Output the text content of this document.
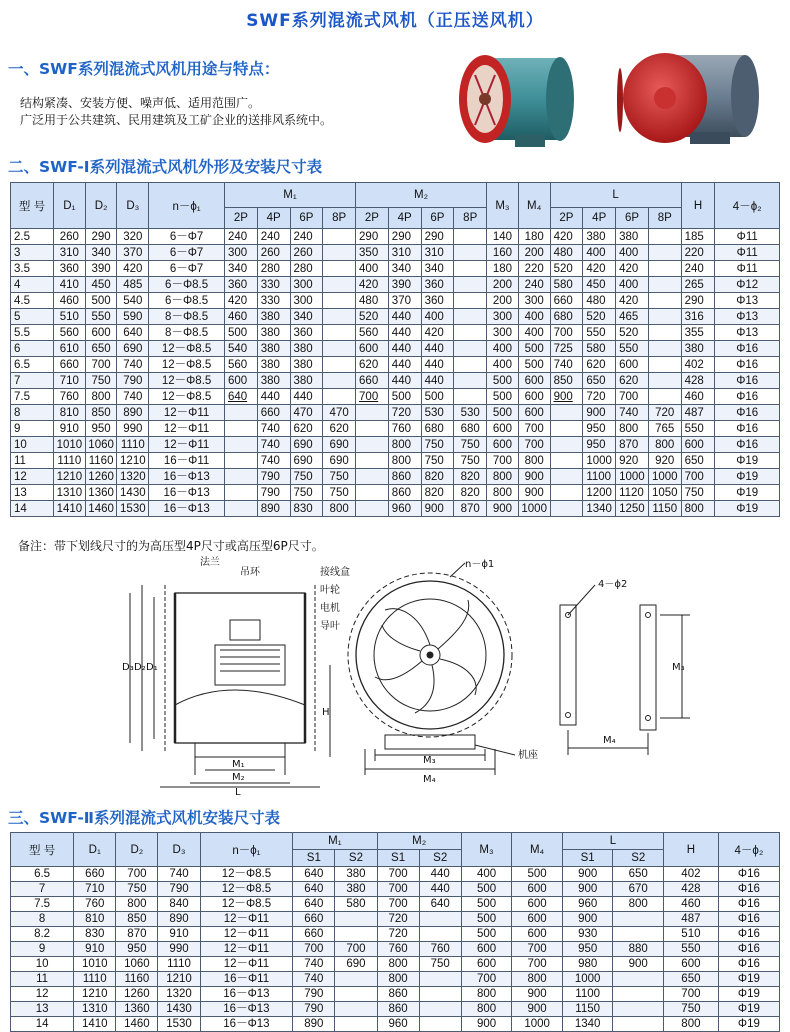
SWF系列混流式风机（正压送风机）
一、SWF系列混流式风机用途与特点：
结构紧凑、安装方便、噪声低、适用范围广。
广泛用于公共建筑、民用建筑及工矿企业的送排风系统中。
二、SWF-Ⅰ系列混流式风机外形及安装尺寸表
型 号	D₁	D₂	D₃	n－ϕ₁	M₁				M₂				M₃	M₄	L				H	4－ϕ₂
					2P	4P	6P	8P	2P	4P	6P	8P			2P	4P	6P	8P		
2.5	260	290	320	6－Φ7	240	240	240		290	290	290		140	180	420	380	380		185	Φ11
3	310	340	370	6－Φ7	300	260	260		350	310	310		160	200	480	400	400		220	Φ11
3.5	360	390	420	6－Φ7	340	280	280		400	340	340		180	220	520	420	420		240	Φ11
4	410	450	485	6－Φ8.5	360	330	300		420	390	360		200	240	580	450	400		265	Φ12
4.5	460	500	540	6－Φ8.5	420	330	300		480	370	360		200	300	660	480	420		290	Φ13
5	510	550	590	8－Φ8.5	460	380	340		520	440	400		300	400	680	520	465		316	Φ13
5.5	560	600	640	8－Φ8.5	500	380	360		560	440	420		300	400	700	550	520		355	Φ13
6	610	650	690	12－Φ8.5	540	380	380		600	440	440		400	500	725	580	550		380	Φ16
6.5	660	700	740	12－Φ8.5	560	380	380		620	440	440		400	500	740	620	600		402	Φ16
7	710	750	790	12－Φ8.5	600	380	380		660	440	440		500	600	850	650	620		428	Φ16
7.5	760	800	740	12－Φ8.5	640	440	440		700	500	500		500	600	900	720	700		460	Φ16
8	810	850	890	12－Φ11		660	470	470		720	530	530	500	600		900	740	720	487	Φ16
9	910	950	990	12－Φ11		740	620	620		760	680	680	600	700		950	800	765	550	Φ16
10	1010	1060	1110	12－Φ11		740	690	690		800	750	750	600	700		950	870	800	600	Φ16
11	1110	1160	1210	16－Φ11		740	690	690		800	750	750	700	800		1000	920	920	650	Φ19
12	1210	1260	1320	16－Φ13		790	750	750		860	820	820	800	900		1100	1000	1000	700	Φ19
13	1310	1360	1430	16－Φ13		790	750	750		860	820	820	800	900		1200	1120	1050	750	Φ19
14	1410	1460	1530	16－Φ13		890	830	800		960	900	870	900	1000		1340	1250	1150	800	Φ19
备注：带下划线尺寸的为高压型4P尺寸或高压型6P尺寸。
法兰
吊环	接线盒
叶轮
电机
导叶
D₃ D₂ D₁
H
M₁
M₂
L
n－ϕ1
机座
M₃
M₄
4－ϕ2
M₃
M₄
三、SWF-Ⅱ系列混流式风机安装尺寸表
型 号	D₁	D₂	D₃	n－ϕ₁	M₁		M₂		M₃	M₄	L		H	4－ϕ₂
					S1	S2	S1	S2			S1	S2		
6.5	660	700	740	12－Φ8.5	640	380	700	440	400	500	900	650	402	Φ16
7	710	750	790	12－Φ8.5	640	380	700	440	500	600	900	670	428	Φ16
7.5	760	800	840	12－Φ8.5	640	580	700	640	500	600	960	800	460	Φ16
8	810	850	890	12－Φ11	660		720		500	600	900		487	Φ16
8.2	830	870	910	12－Φ11	660		720		500	600	930		510	Φ16
9	910	950	990	12－Φ11	700	700	760	760	600	700	950	880	550	Φ16
10	1010	1060	1110	12－Φ11	740	690	800	750	600	700	980	900	600	Φ16
11	1110	1160	1210	16－Φ11	740		800		700	800	1000		650	Φ19
12	1210	1260	1320	16－Φ13	790		860		800	900	1100		700	Φ19
13	1310	1360	1430	16－Φ13	790		860		800	900	1150		750	Φ19
14	1410	1460	1530	16－Φ13	890		960		900	1000	1340		800	Φ19
